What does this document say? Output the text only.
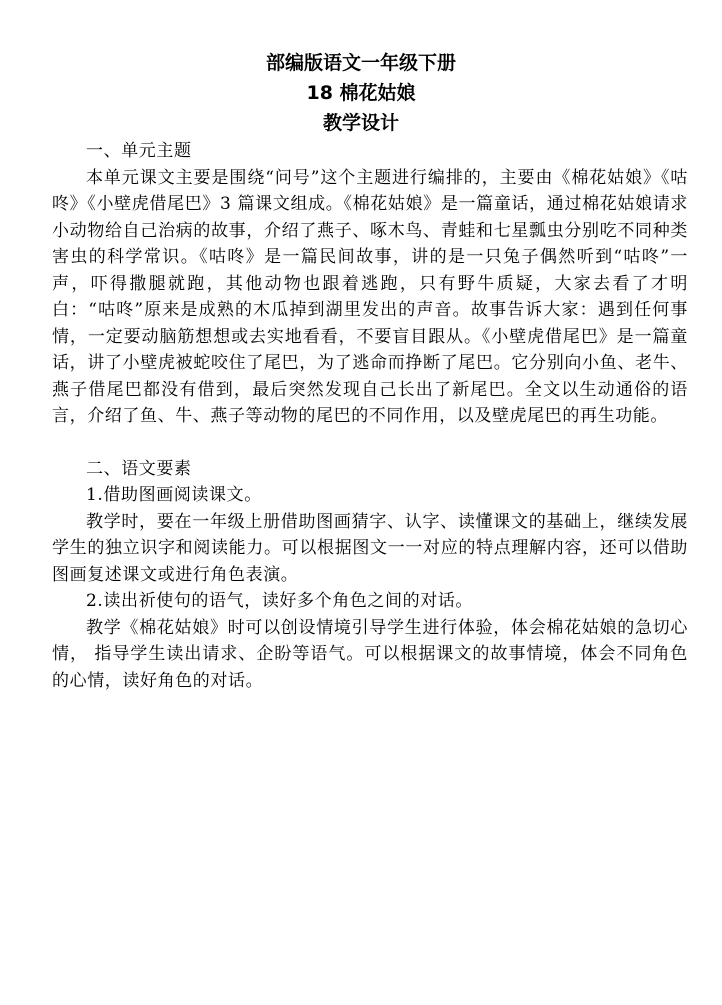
部编版语文一年级下册
18 棉花姑娘
教学设计

一、单元主题

本单元课文主要是围绕“问号”这个主题进行编排的，主要由《棉花姑娘》《咕咚》《小壁虎借尾巴》3 篇课文组成。《棉花姑娘》是一篇童话，通过棉花姑娘请求小动物给自己治病的故事，介绍了燕子、啄木鸟、青蛙和七星瓢虫分别吃不同种类害虫的科学常识。《咕咚》是一篇民间故事，讲的是一只兔子偶然听到“咕咚”一声，吓得撒腿就跑，其他动物也跟着逃跑，只有野牛质疑，大家去看了才明白：“咕咚”原来是成熟的木瓜掉到湖里发出的声音。故事告诉大家：遇到任何事情，一定要动脑筋想想或去实地看看，不要盲目跟从。《小壁虎借尾巴》是一篇童话，讲了小壁虎被蛇咬住了尾巴，为了逃命而挣断了尾巴。它分别向小鱼、老牛、燕子借尾巴都没有借到，最后突然发现自己长出了新尾巴。全文以生动通俗的语言，介绍了鱼、牛、燕子等动物的尾巴的不同作用，以及壁虎尾巴的再生功能。

二、语文要素

1.借助图画阅读课文。

教学时，要在一年级上册借助图画猜字、认字、读懂课文的基础上，继续发展学生的独立识字和阅读能力。可以根据图文一一对应的特点理解内容，还可以借助图画复述课文或进行角色表演。

2.读出祈使句的语气，读好多个角色之间的对话。

教学《棉花姑娘》时可以创设情境引导学生进行体验，体会棉花姑娘的急切心情， 指导学生读出请求、企盼等语气。可以根据课文的故事情境，体会不同角色的心情，读好角色的对话。
